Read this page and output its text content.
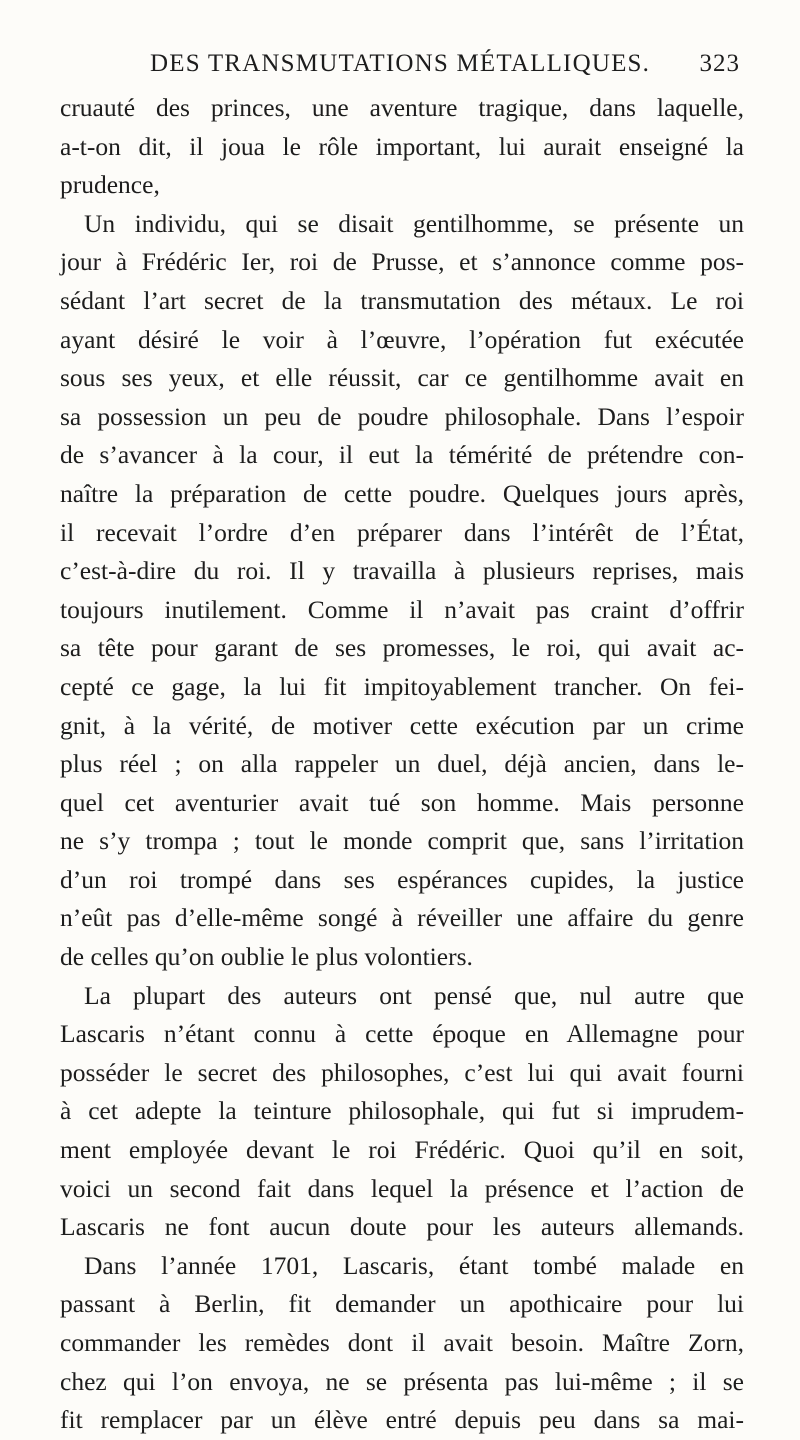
DES TRANSMUTATIONS MÉTALLIQUES. 323
cruauté des princes, une aventure tragique, dans laquelle,
a-t-on dit, il joua le rôle important, lui aurait enseigné la
prudence,
Un individu, qui se disait gentilhomme, se présente un
jour à Frédéric Ier, roi de Prusse, et s’annonce comme pos-
sédant l’art secret de la transmutation des métaux. Le roi
ayant désiré le voir à l’œuvre, l’opération fut exécutée
sous ses yeux, et elle réussit, car ce gentilhomme avait en
sa possession un peu de poudre philosophale. Dans l’espoir
de s’avancer à la cour, il eut la témérité de prétendre con-
naître la préparation de cette poudre. Quelques jours après,
il recevait l’ordre d’en préparer dans l’intérêt de l’État,
c’est-à-dire du roi. Il y travailla à plusieurs reprises, mais
toujours inutilement. Comme il n’avait pas craint d’offrir
sa tête pour garant de ses promesses, le roi, qui avait ac-
cepté ce gage, la lui fit impitoyablement trancher. On fei-
gnit, à la vérité, de motiver cette exécution par un crime
plus réel ; on alla rappeler un duel, déjà ancien, dans le-
quel cet aventurier avait tué son homme. Mais personne
ne s’y trompa ; tout le monde comprit que, sans l’irritation
d’un roi trompé dans ses espérances cupides, la justice
n’eût pas d’elle-même songé à réveiller une affaire du genre
de celles qu’on oublie le plus volontiers.
La plupart des auteurs ont pensé que, nul autre que
Lascaris n’étant connu à cette époque en Allemagne pour
posséder le secret des philosophes, c’est lui qui avait fourni
à cet adepte la teinture philosophale, qui fut si imprudem-
ment employée devant le roi Frédéric. Quoi qu’il en soit,
voici un second fait dans lequel la présence et l’action de
Lascaris ne font aucun doute pour les auteurs allemands.
Dans l’année 1701, Lascaris, étant tombé malade en
passant à Berlin, fit demander un apothicaire pour lui
commander les remèdes dont il avait besoin. Maître Zorn,
chez qui l’on envoya, ne se présenta pas lui-même ; il se
fit remplacer par un élève entré depuis peu dans sa mai-
